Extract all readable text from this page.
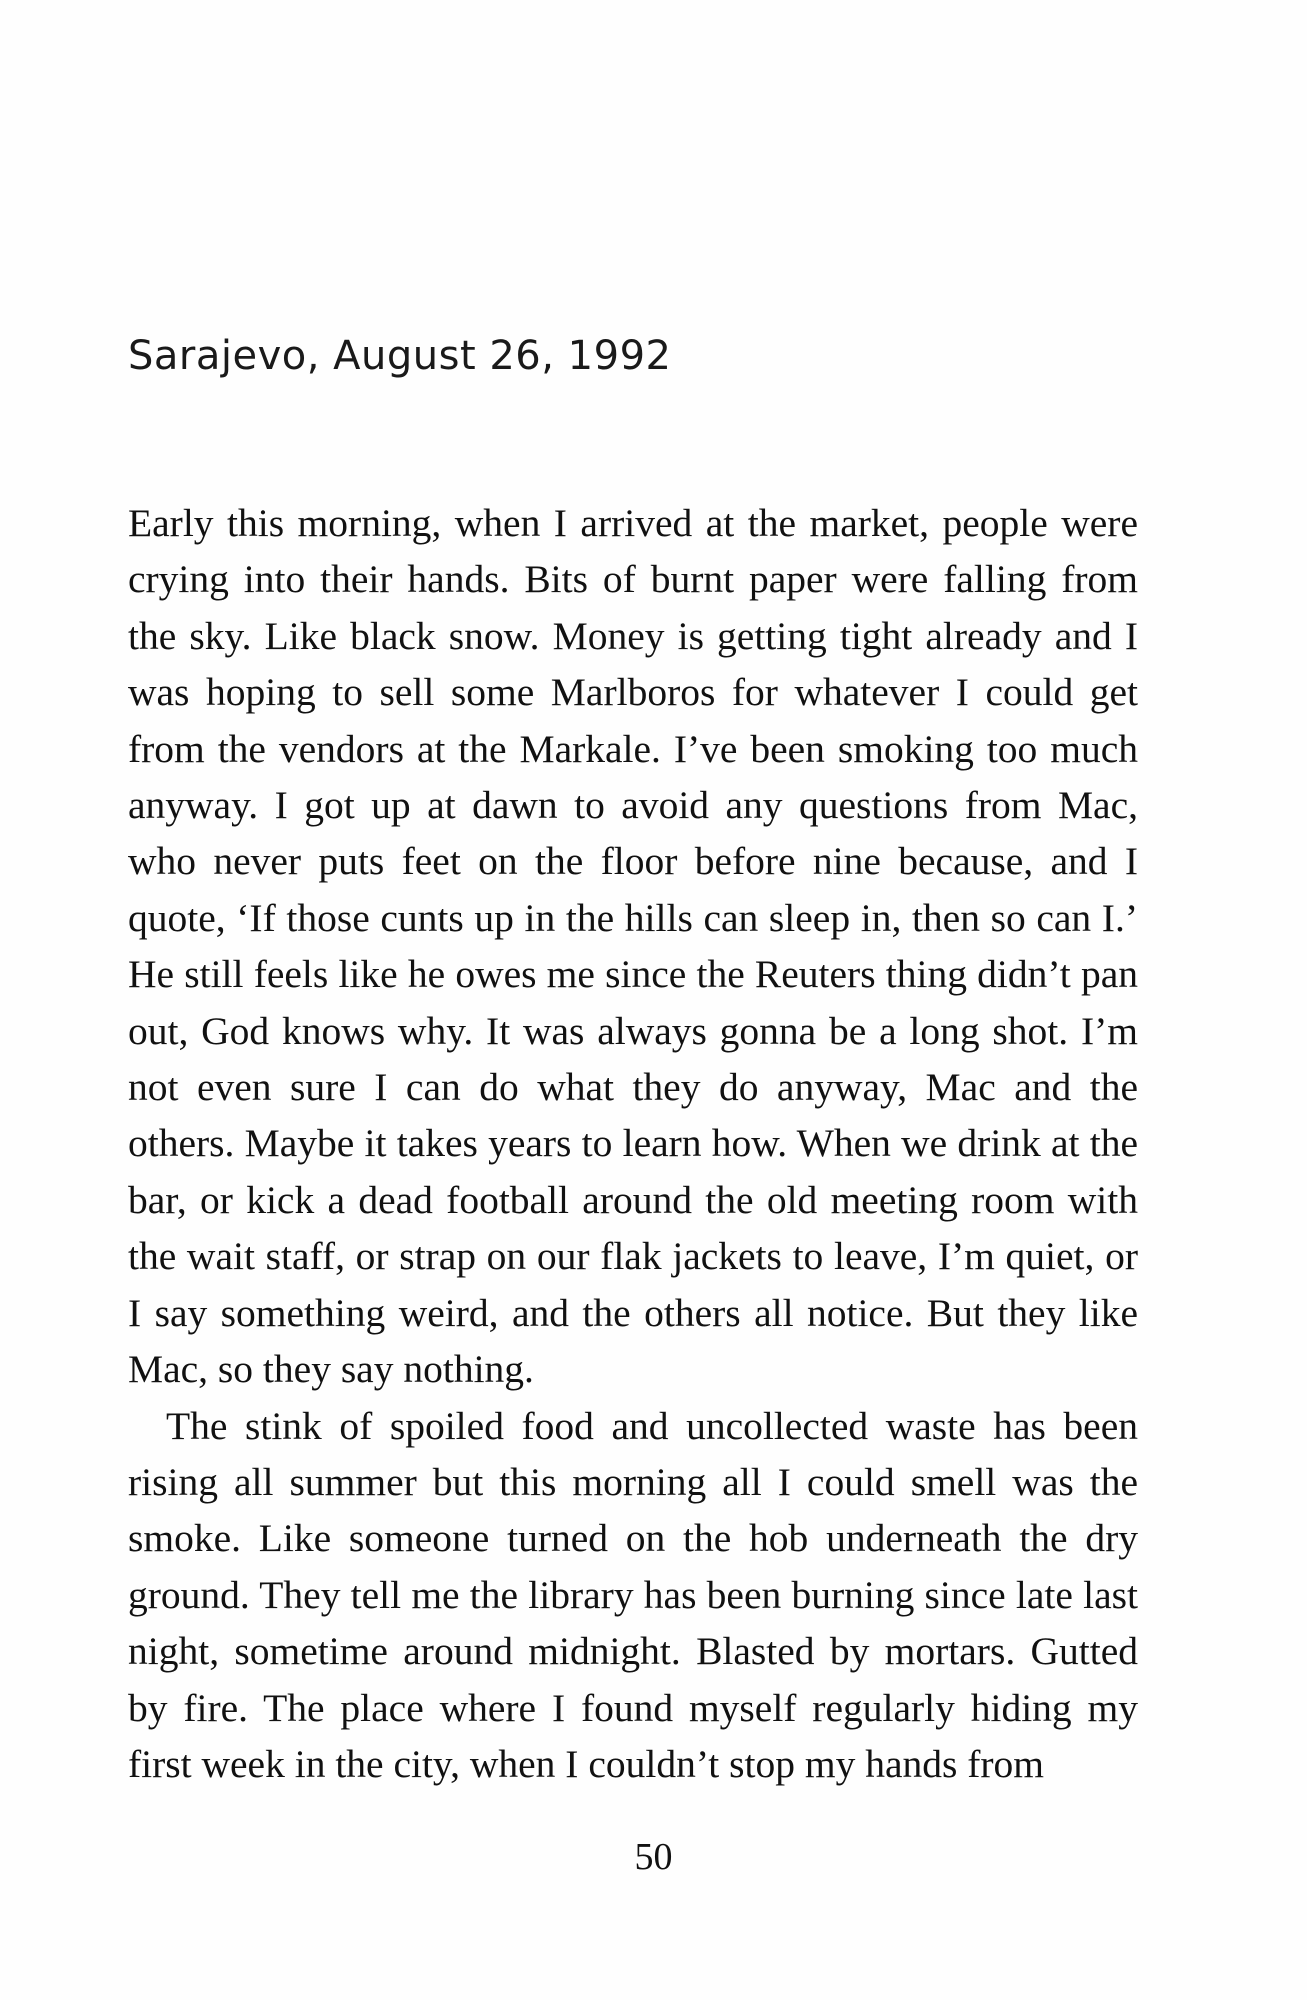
Sarajevo, August 26, 1992

Early this morning, when I arrived at the market, people were crying into their hands. Bits of burnt paper were falling from the sky. Like black snow. Money is getting tight already and I was hoping to sell some Marlboros for whatever I could get from the vendors at the Markale. I’ve been smoking too much anyway. I got up at dawn to avoid any questions from Mac, who never puts feet on the floor before nine because, and I quote, ‘If those cunts up in the hills can sleep in, then so can I.’ He still feels like he owes me since the Reuters thing didn’t pan out, God knows why. It was always gonna be a long shot. I’m not even sure I can do what they do anyway, Mac and the others. Maybe it takes years to learn how. When we drink at the bar, or kick a dead football around the old meeting room with the wait staff, or strap on our flak jackets to leave, I’m quiet, or I say something weird, and the others all notice. But they like Mac, so they say nothing.

The stink of spoiled food and uncollected waste has been rising all summer but this morning all I could smell was the smoke. Like someone turned on the hob underneath the dry ground. They tell me the library has been burning since late last night, sometime around midnight. Blasted by mortars. Gutted by fire. The place where I found myself regularly hiding my first week in the city, when I couldn’t stop my hands from

50
